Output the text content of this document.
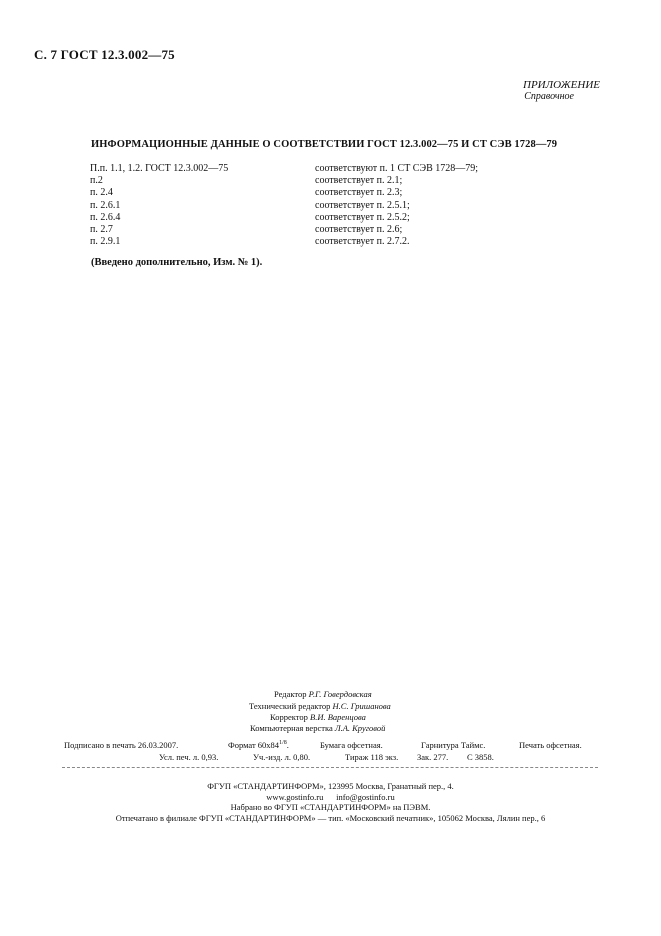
С. 7 ГОСТ 12.3.002—75
ПРИЛОЖЕНИЕ
Справочное
ИНФОРМАЦИОННЫЕ ДАННЫЕ О СООТВЕТСТВИИ ГОСТ 12.3.002—75 И СТ СЭВ 1728—79
П.п. 1.1, 1.2. ГОСТ 12.3.002—75	соответствуют п. 1 СТ СЭВ 1728—79;
п.2	соответствует п. 2.1;
п. 2.4	соответствует п. 2.3;
п. 2.6.1	соответствует п. 2.5.1;
п. 2.6.4	соответствует п. 2.5.2;
п. 2.7	соответствует п. 2.6;
п. 2.9.1	соответствует п. 2.7.2.
(Введено дополнительно, Изм. № 1).
Редактор Р.Г. Говердовская
Технический редактор Н.С. Гришанова
Корректор В.И. Варенцова
Компьютерная верстка Л.А. Круговой
Подписано в печать 26.03.2007.	Формат $60x84^{1/8}$.	Бумага офсетная.	Гарнитура Таймс.	Печать офсетная.
Усл. печ. л. 0,93.	Уч.-изд. л. 0,80.	Тираж 118 экз. Зак. 277. С 3858.
ФГУП «СТАНДАРТИНФОРМ», 123995 Москва, Гранатный пер., 4.
www.gostinfo.ru info@gostinfo.ru
Набрано во ФГУП «СТАНДАРТИНФОРМ» на ПЭВМ.
Отпечатано в филиале ФГУП «СТАНДАРТИНФОРМ» — тип. «Московский печатник», 105062 Москва, Лялин пер., 6
